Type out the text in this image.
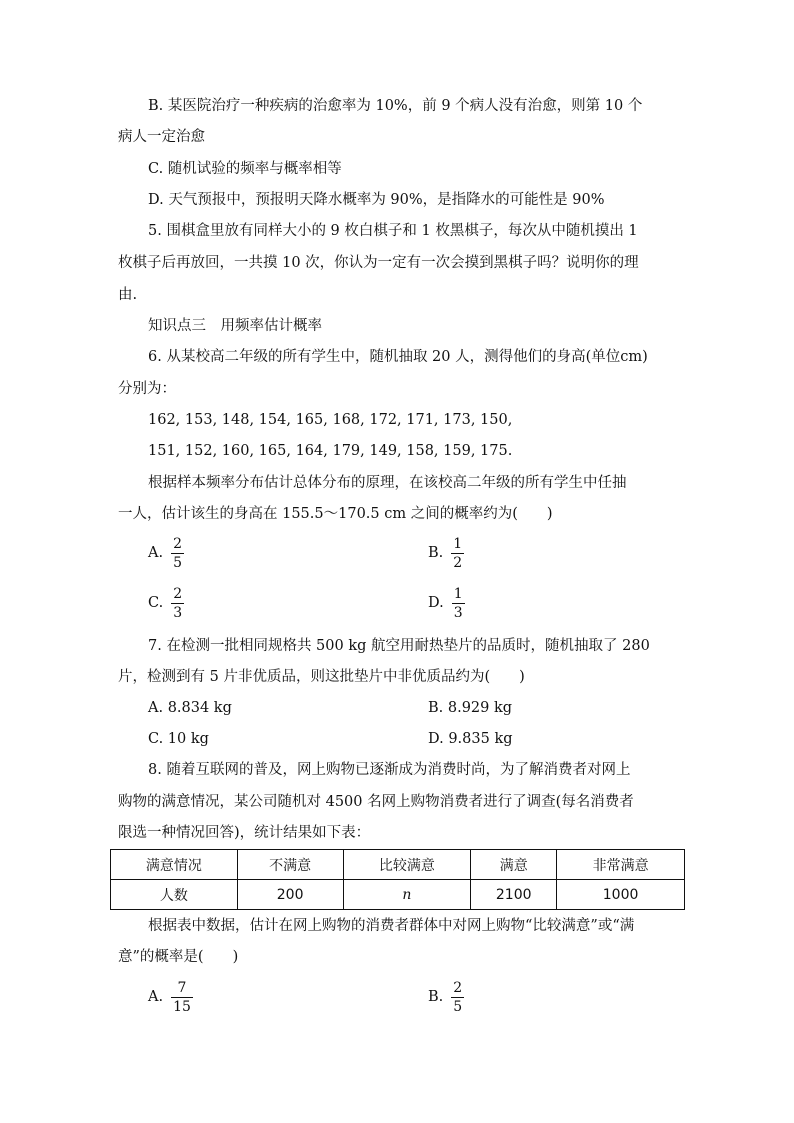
B. 某医院治疗一种疾病的治愈率为 10%，前 9 个病人没有治愈，则第 10 个
病人一定治愈
C. 随机试验的频率与概率相等
D. 天气预报中，预报明天降水概率为 90%，是指降水的可能性是 90%
5. 围棋盒里放有同样大小的 9 枚白棋子和 1 枚黑棋子，每次从中随机摸出 1
枚棋子后再放回，一共摸 10 次，你认为一定有一次会摸到黑棋子吗？说明你的理
由.
知识点三　用频率估计概率
6. 从某校高二年级的所有学生中，随机抽取 20 人，测得他们的身高(单位cm)
分别为：
162, 153, 148, 154, 165, 168, 172, 171, 173, 150,
151, 152, 160, 165, 164, 179, 149, 158, 159, 175.
根据样本频率分布估计总体分布的原理，在该校高二年级的所有学生中任抽
一人，估计该生的身高在 155.5～170.5 cm 之间的概率约为(　　)
A. $\frac{2}{5}$	B. $\frac{1}{2}$
C. $\frac{2}{3}$	D. $\frac{1}{3}$
7. 在检测一批相同规格共 500 kg 航空用耐热垫片的品质时，随机抽取了 280
片，检测到有 5 片非优质品，则这批垫片中非优质品约为(　　)
A. 8.834 kg	B. 8.929 kg
C. 10 kg	D. 9.835 kg
8. 随着互联网的普及，网上购物已逐渐成为消费时尚，为了解消费者对网上
购物的满意情况，某公司随机对 4500 名网上购物消费者进行了调查(每名消费者
限选一种情况回答)，统计结果如下表：
满意情况	不满意	比较满意	满意	非常满意
人数	200	n	2100	1000
根据表中数据，估计在网上购物的消费者群体中对网上购物“比较满意”或“满
意”的概率是(　　)
A. $\frac{7}{15}$	B. $\frac{2}{5}$
